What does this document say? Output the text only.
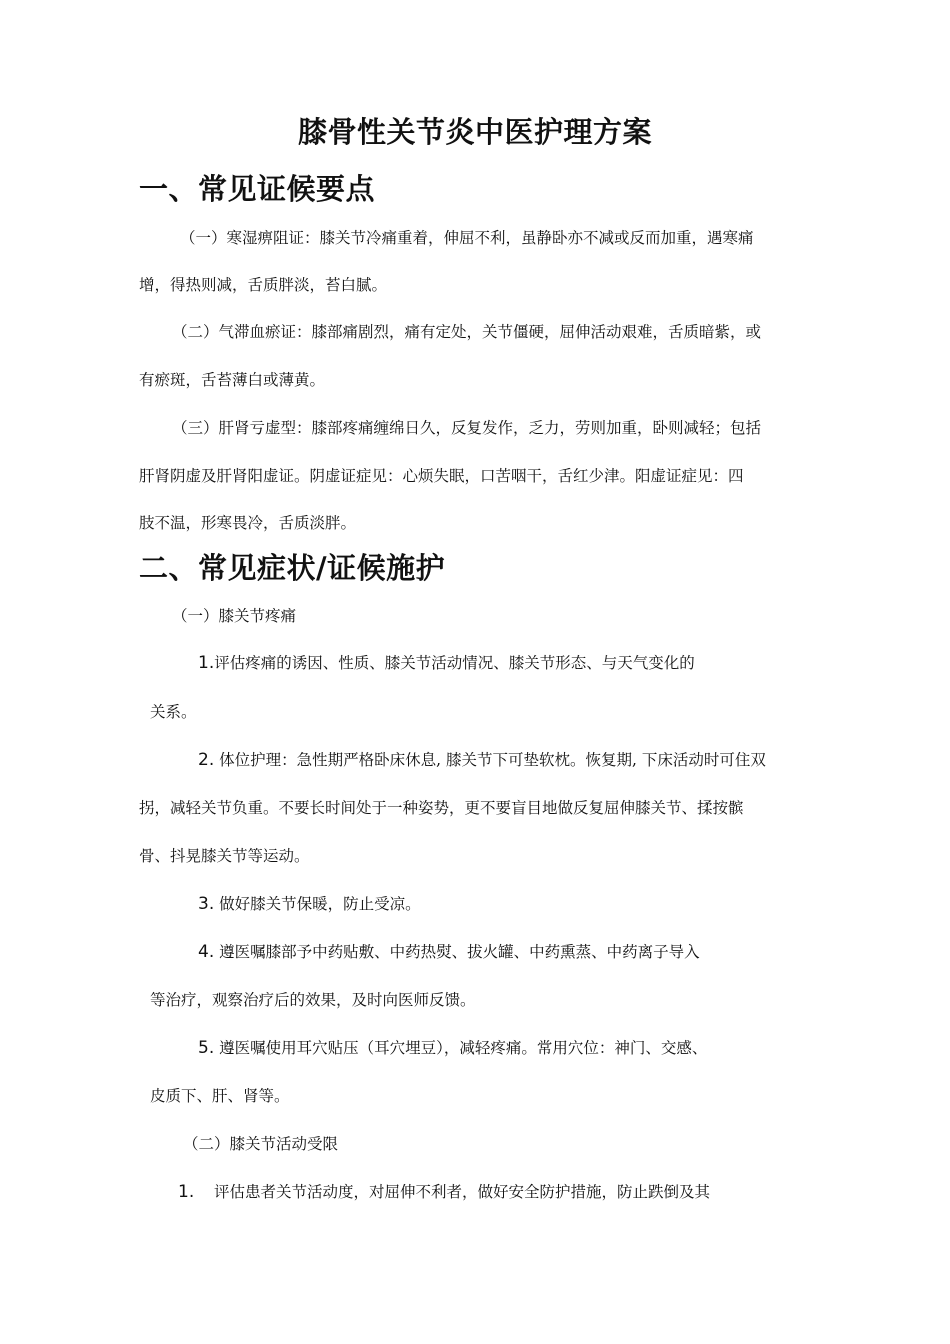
膝骨性关节炎中医护理方案
一、常见证候要点
（一）寒湿痹阻证：膝关节冷痛重着，伸屈不利，虽静卧亦不减或反而加重，遇寒痛
增，得热则减，舌质胖淡，苔白腻。
（二）气滞血瘀证：膝部痛剧烈，痛有定处，关节僵硬，屈伸活动艰难，舌质暗紫，或
有瘀斑，舌苔薄白或薄黄。
（三）肝肾亏虚型：膝部疼痛缠绵日久，反复发作，乏力，劳则加重，卧则减轻；包括
肝肾阴虚及肝肾阳虚证。阴虚证症见：心烦失眠，口苦咽干，舌红少津。阳虚证症见：四
肢不温，形寒畏冷，舌质淡胖。
二、常见症状/证候施护
（一）膝关节疼痛
1.评估疼痛的诱因、性质、膝关节活动情况、膝关节形态、与天气变化的
关系。
2. 体位护理：急性期严格卧床休息, 膝关节下可垫软枕。恢复期, 下床活动时可住双
拐，减轻关节负重。不要长时间处于一种姿势，更不要盲目地做反复屈伸膝关节、揉按髌
骨、抖晃膝关节等运动。
3. 做好膝关节保暖，防止受凉。
4. 遵医嘱膝部予中药贴敷、中药热熨、拔火罐、中药熏蒸、中药离子导入
等治疗，观察治疗后的效果，及时向医师反馈。
5. 遵医嘱使用耳穴贴压（耳穴埋豆），减轻疼痛。常用穴位：神门、交感、
皮质下、肝、肾等。
（二）膝关节活动受限
1. 评估患者关节活动度，对屈伸不利者，做好安全防护措施，防止跌倒及其
